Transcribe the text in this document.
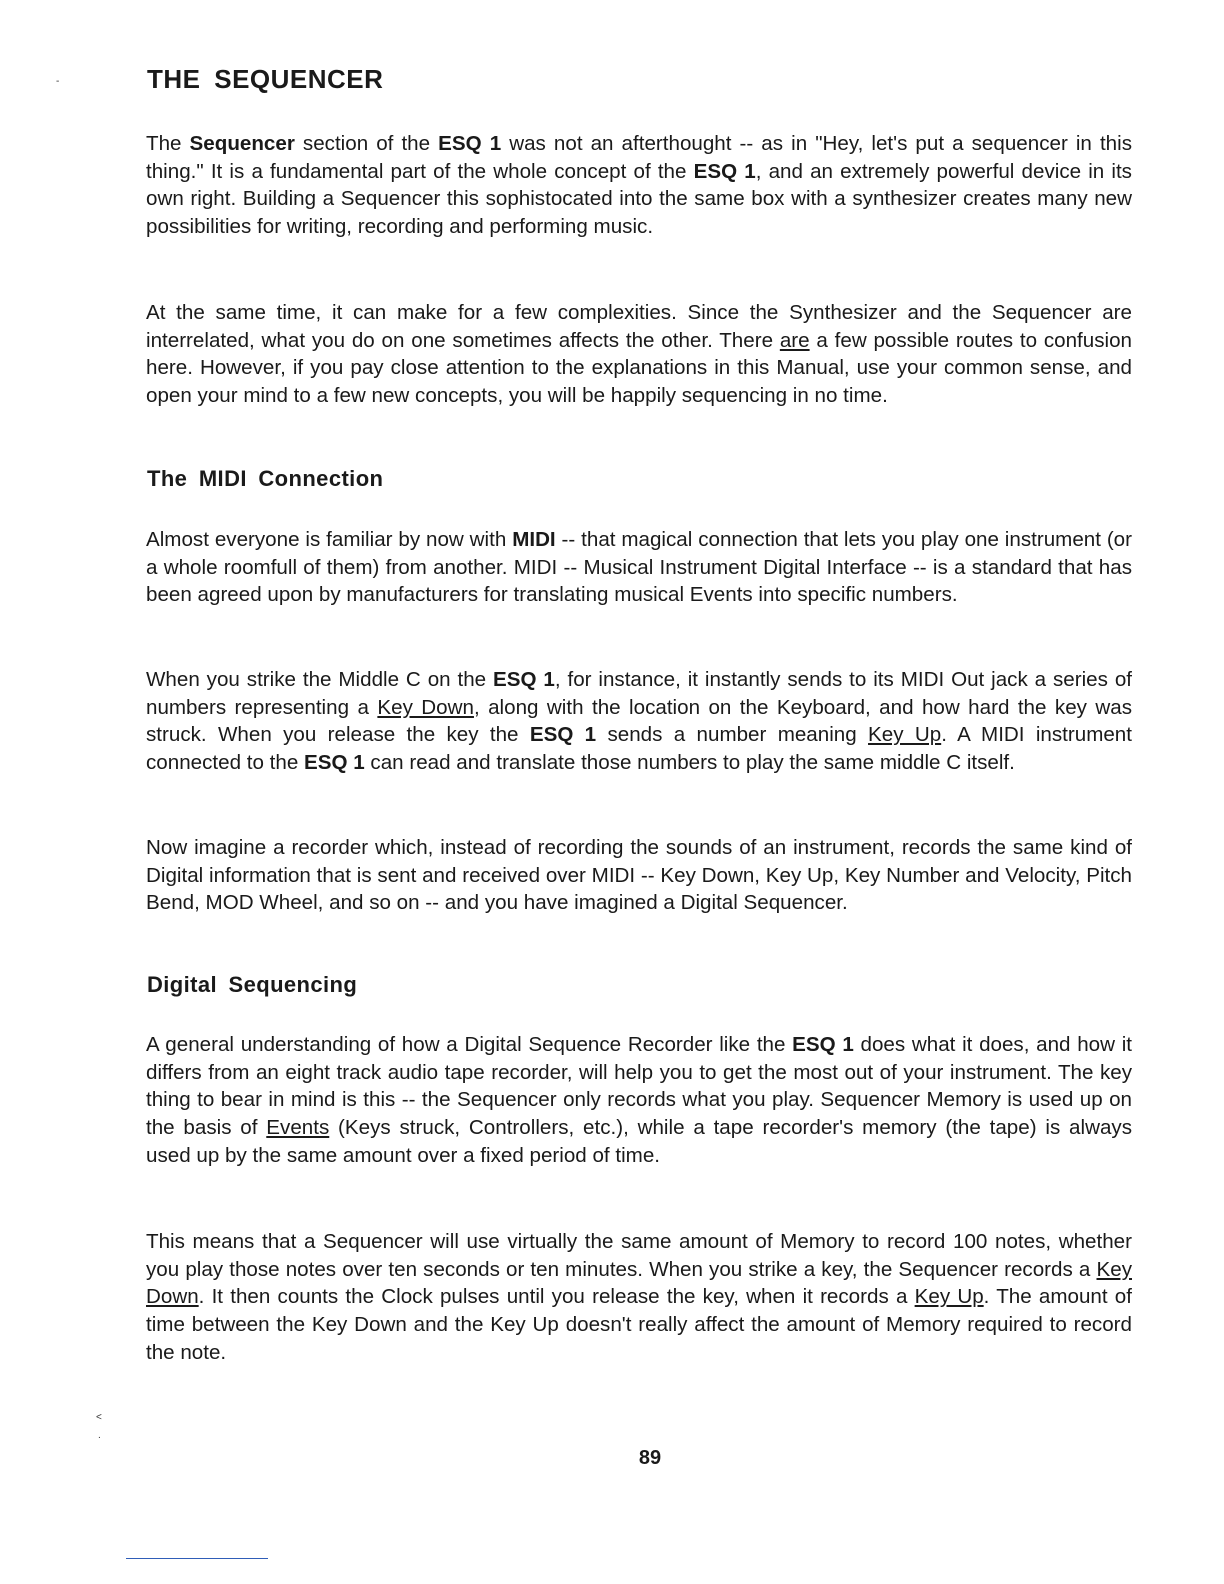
-	THE SEQUENCER

The Sequencer section of the ESQ 1 was not an afterthought -- as in "Hey, let's put a sequencer in this thing." It is a fundamental part of the whole concept of the ESQ 1, and an extremely powerful device in its own right. Building a Sequencer this sophistocated into the same box with a synthesizer creates many new possibilities for writing, recording and performing music.

At the same time, it can make for a few complexities. Since the Synthesizer and the Sequencer are interrelated, what you do on one sometimes affects the other. There are a few possible routes to confusion here. However, if you pay close attention to the explanations in this Manual, use your common sense, and open your mind to a few new concepts, you will be happily sequencing in no time.

The MIDI Connection

Almost everyone is familiar by now with MIDI -- that magical connection that lets you play one instrument (or a whole roomfull of them) from another. MIDI -- Musical Instrument Digital Interface -- is a standard that has been agreed upon by manufacturers for translating musical Events into specific numbers.

When you strike the Middle C on the ESQ 1, for instance, it instantly sends to its MIDI Out jack a series of numbers representing a Key Down, along with the location on the Keyboard, and how hard the key was struck. When you release the key the ESQ 1 sends a number meaning Key Up. A MIDI instrument connected to the ESQ 1 can read and translate those numbers to play the same middle C itself.

Now imagine a recorder which, instead of recording the sounds of an instrument, records the same kind of Digital information that is sent and received over MIDI -- Key Down, Key Up, Key Number and Velocity, Pitch Bend, MOD Wheel, and so on -- and you have imagined a Digital Sequencer.

Digital Sequencing

A general understanding of how a Digital Sequence Recorder like the ESQ 1 does what it does, and how it differs from an eight track audio tape recorder, will help you to get the most out of your instrument. The key thing to bear in mind is this -- the Sequencer only records what you play. Sequencer Memory is used up on the basis of Events (Keys struck, Controllers, etc.), while a tape recorder's memory (the tape) is always used up by the same amount over a fixed period of time.

This means that a Sequencer will use virtually the same amount of Memory to record 100 notes, whether you play those notes over ten seconds or ten minutes. When you strike a key, the Sequencer records a Key Down. It then counts the Clock pulses until you release the key, when it records a Key Up. The amount of time between the Key Down and the Key Up doesn't really affect the amount of Memory required to record the note.

<
.

89
